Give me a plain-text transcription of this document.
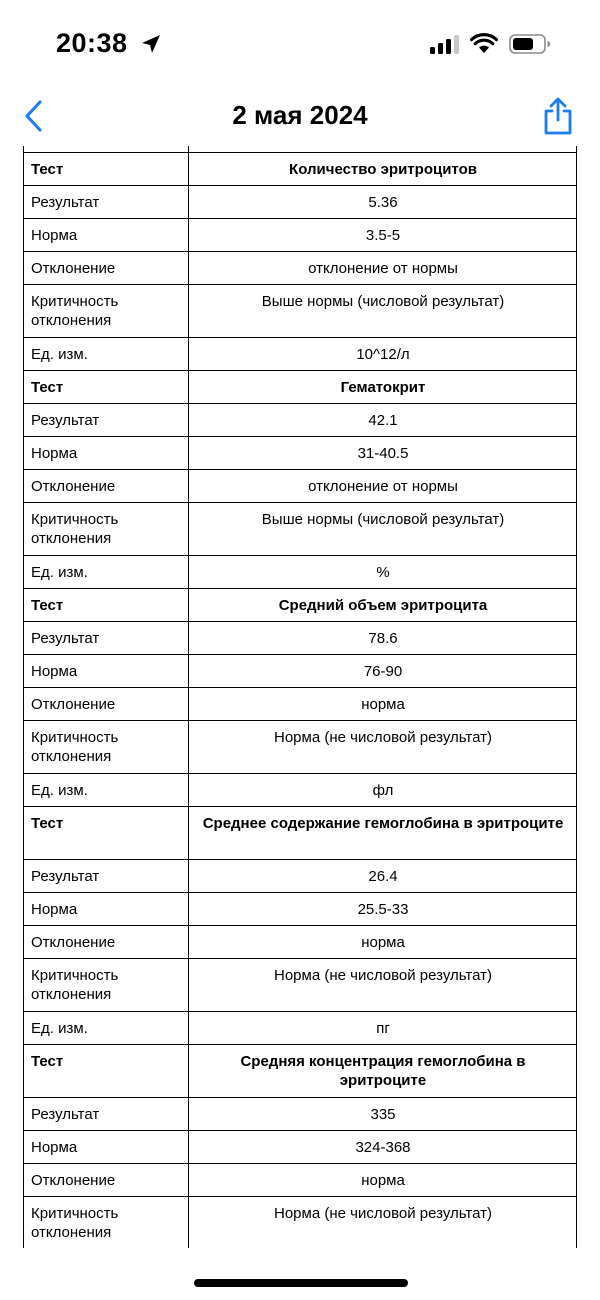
20:38
2 мая 2024

Тест	Количество эритроцитов
Результат	5.36
Норма	3.5-5
Отклонение	отклонение от нормы
Критичность отклонения	Выше нормы (числовой результат)
Ед. изм.	10^12/л
Тест	Гематокрит
Результат	42.1
Норма	31-40.5
Отклонение	отклонение от нормы
Критичность отклонения	Выше нормы (числовой результат)
Ед. изм.	%
Тест	Средний объем эритроцита
Результат	78.6
Норма	76-90
Отклонение	норма
Критичность отклонения	Норма (не числовой результат)
Ед. изм.	фл
Тест	Среднее содержание гемоглобина в эритроците
Результат	26.4
Норма	25.5-33
Отклонение	норма
Критичность отклонения	Норма (не числовой результат)
Ед. изм.	пг
Тест	Средняя концентрация гемоглобина в эритроците
Результат	335
Норма	324-368
Отклонение	норма
Критичность отклонения	Норма (не числовой результат)
